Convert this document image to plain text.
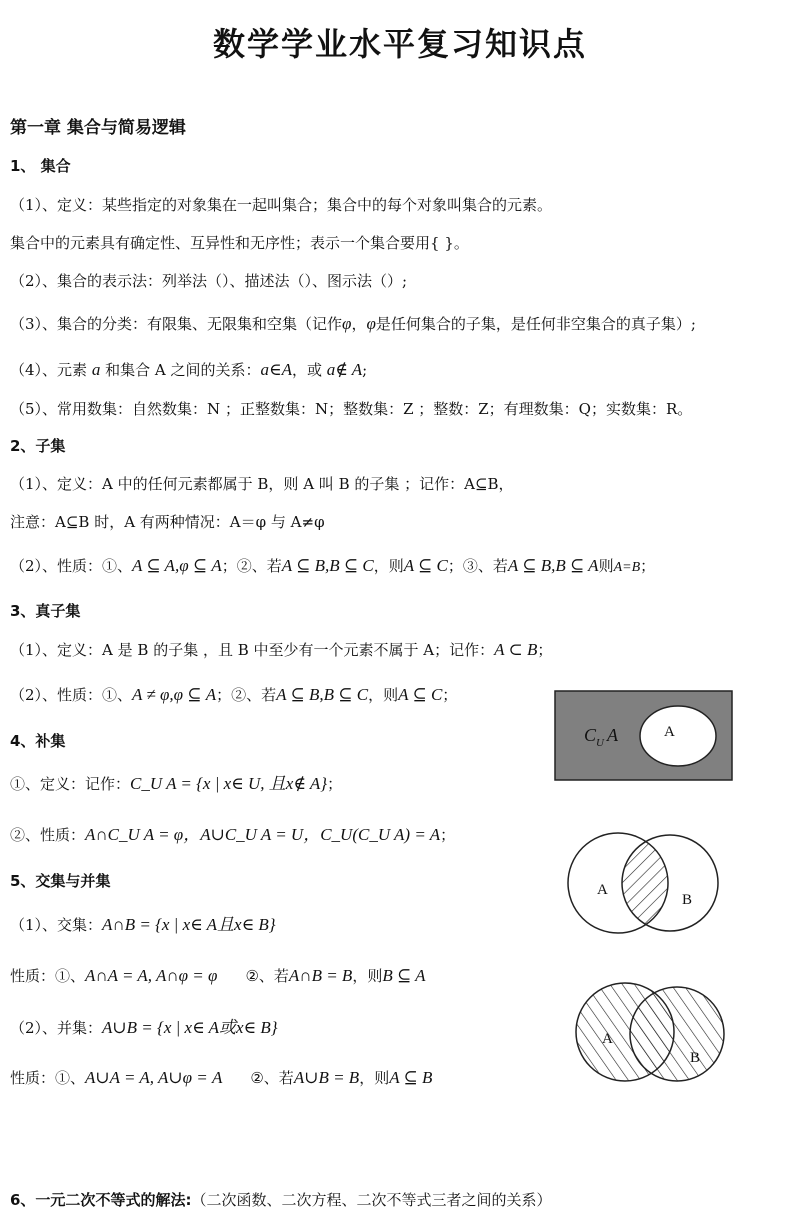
数学学业水平复习知识点
第一章 集合与简易逻辑
1、 集合
（1）、定义：某些指定的对象集在一起叫集合；集合中的每个对象叫集合的元素。
集合中的元素具有确定性、互异性和无序性；表示一个集合要用{ }。
（2）、集合的表示法：列举法（）、描述法（）、图示法（）;
（3）、集合的分类：有限集、无限集和空集（记作φ，φ是任何集合的子集，是任何非空集合的真子集）;
（4）、元素 a 和集合 A 之间的关系：a∈A，或 a∉ A;
（5）、常用数集：自然数集：N ；正整数集：N；整数集：Z ；整数：Z；有理数集：Q；实数集：R。
2、子集
（1）、定义：A 中的任何元素都属于 B，则 A 叫 B 的子集 ；记作：A⊆B，
注意：A⊆B 时，A 有两种情况：A＝φ 与 A≠φ
（2）、性质：①、A ⊆ A,φ ⊆ A；②、若A ⊆ B,B ⊆ C，则A ⊆ C；③、若A ⊆ B,B ⊆ A则A=B；
3、真子集
（1）、定义：A 是 B 的子集 ，且 B 中至少有一个元素不属于 A；记作：A ⊂ B；
（2）、性质：①、A ≠ φ,φ ⊆ A；②、若A ⊆ B,B ⊆ C，则A ⊆ C；
4、补集
①、定义：记作：C_U A = {x | x∈ U, 且x∉ A}；
②、性质：A∩C_U A = φ，A∪C_U A = U，C_U(C_U A) = A；
5、交集与并集
（1）、交集：A∩B = {x | x∈ A且x∈ B}
性质：①、A∩A = A, A∩φ = φ ②、若A∩B = B，则B ⊆ A
（2）、并集：A∪B = {x | x∈ A或x∈ B}
性质：①、A∪A = A, A∪φ = A ②、若A∪B = B，则A ⊆ B
6、一元二次不等式的解法:（二次函数、二次方程、二次不等式三者之间的关系）
$C_U$ A	A
A
B
A
B
